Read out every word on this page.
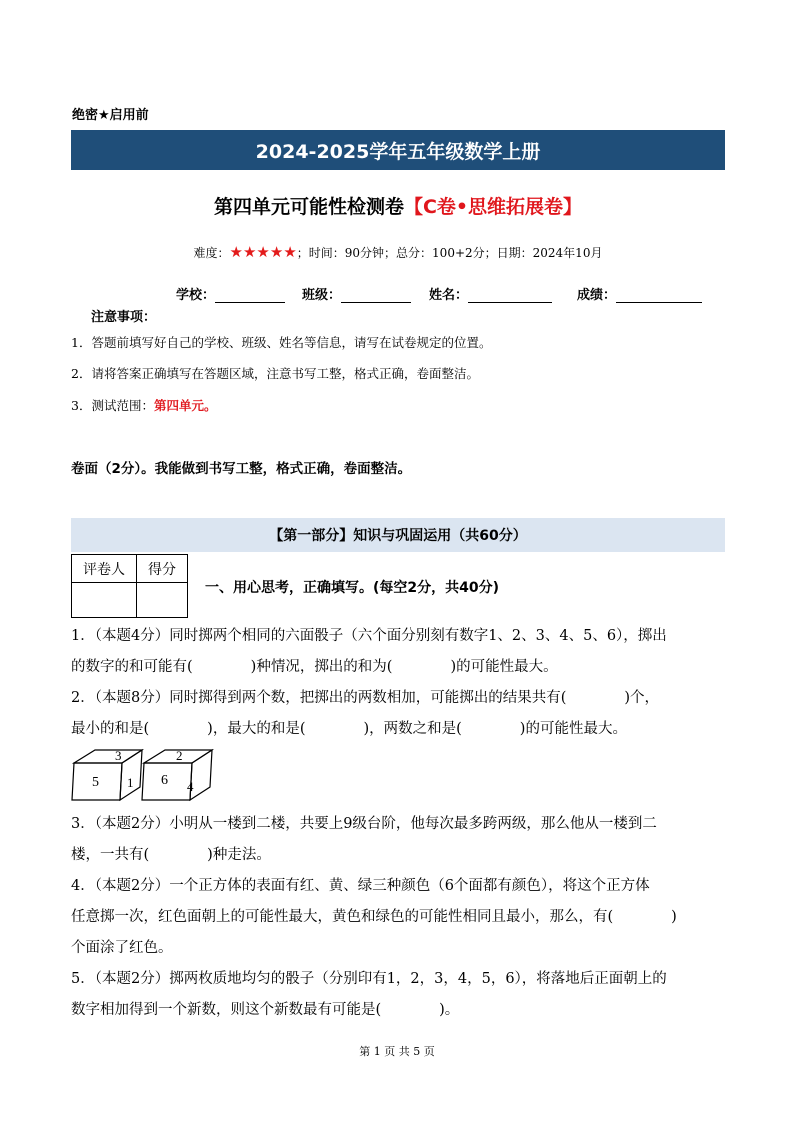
绝密★启用前
2024-2025学年五年级数学上册
第四单元可能性检测卷【C卷•思维拓展卷】
难度：★★★★★；时间：90分钟；总分：100+2分；日期：2024年10月
学校：	班级：	姓名：	成绩：
注意事项：
1．答题前填写好自己的学校、班级、姓名等信息，请写在试卷规定的位置。
2．请将答案正确填写在答题区域，注意书写工整，格式正确，卷面整洁。
3．测试范围：第四单元。
卷面（2分）。我能做到书写工整，格式正确，卷面整洁。
【第一部分】知识与巩固运用（共60分）
评卷人	得分

一、用心思考，正确填写。(每空2分，共40分)
1．（本题4分）同时掷两个相同的六面骰子（六个面分别刻有数字1、2、3、4、5、6），掷出
的数字的和可能有(　　　　)种情况，掷出的和为(　　　　)的可能性最大。
2．（本题8分）同时掷得到两个数，把掷出的两数相加，可能掷出的结果共有(　　　　)个，
最小的和是(　　　　)，最大的和是(　　　　)，两数之和是(　　　　)的可能性最大。
3
5 1
2
6 4
3．（本题2分）小明从一楼到二楼，共要上9级台阶，他每次最多跨两级，那么他从一楼到二
楼，一共有(　　　　)种走法。
4．（本题2分）一个正方体的表面有红、黄、绿三种颜色（6个面都有颜色），将这个正方体
任意掷一次，红色面朝上的可能性最大，黄色和绿色的可能性相同且最小，那么，有(　　　　)
个面涂了红色。
5．（本题2分）掷两枚质地均匀的骰子（分别印有1，2，3，4，5，6），将落地后正面朝上的
数字相加得到一个新数，则这个新数最有可能是(　　　　)。
第 1 页 共 5 页
